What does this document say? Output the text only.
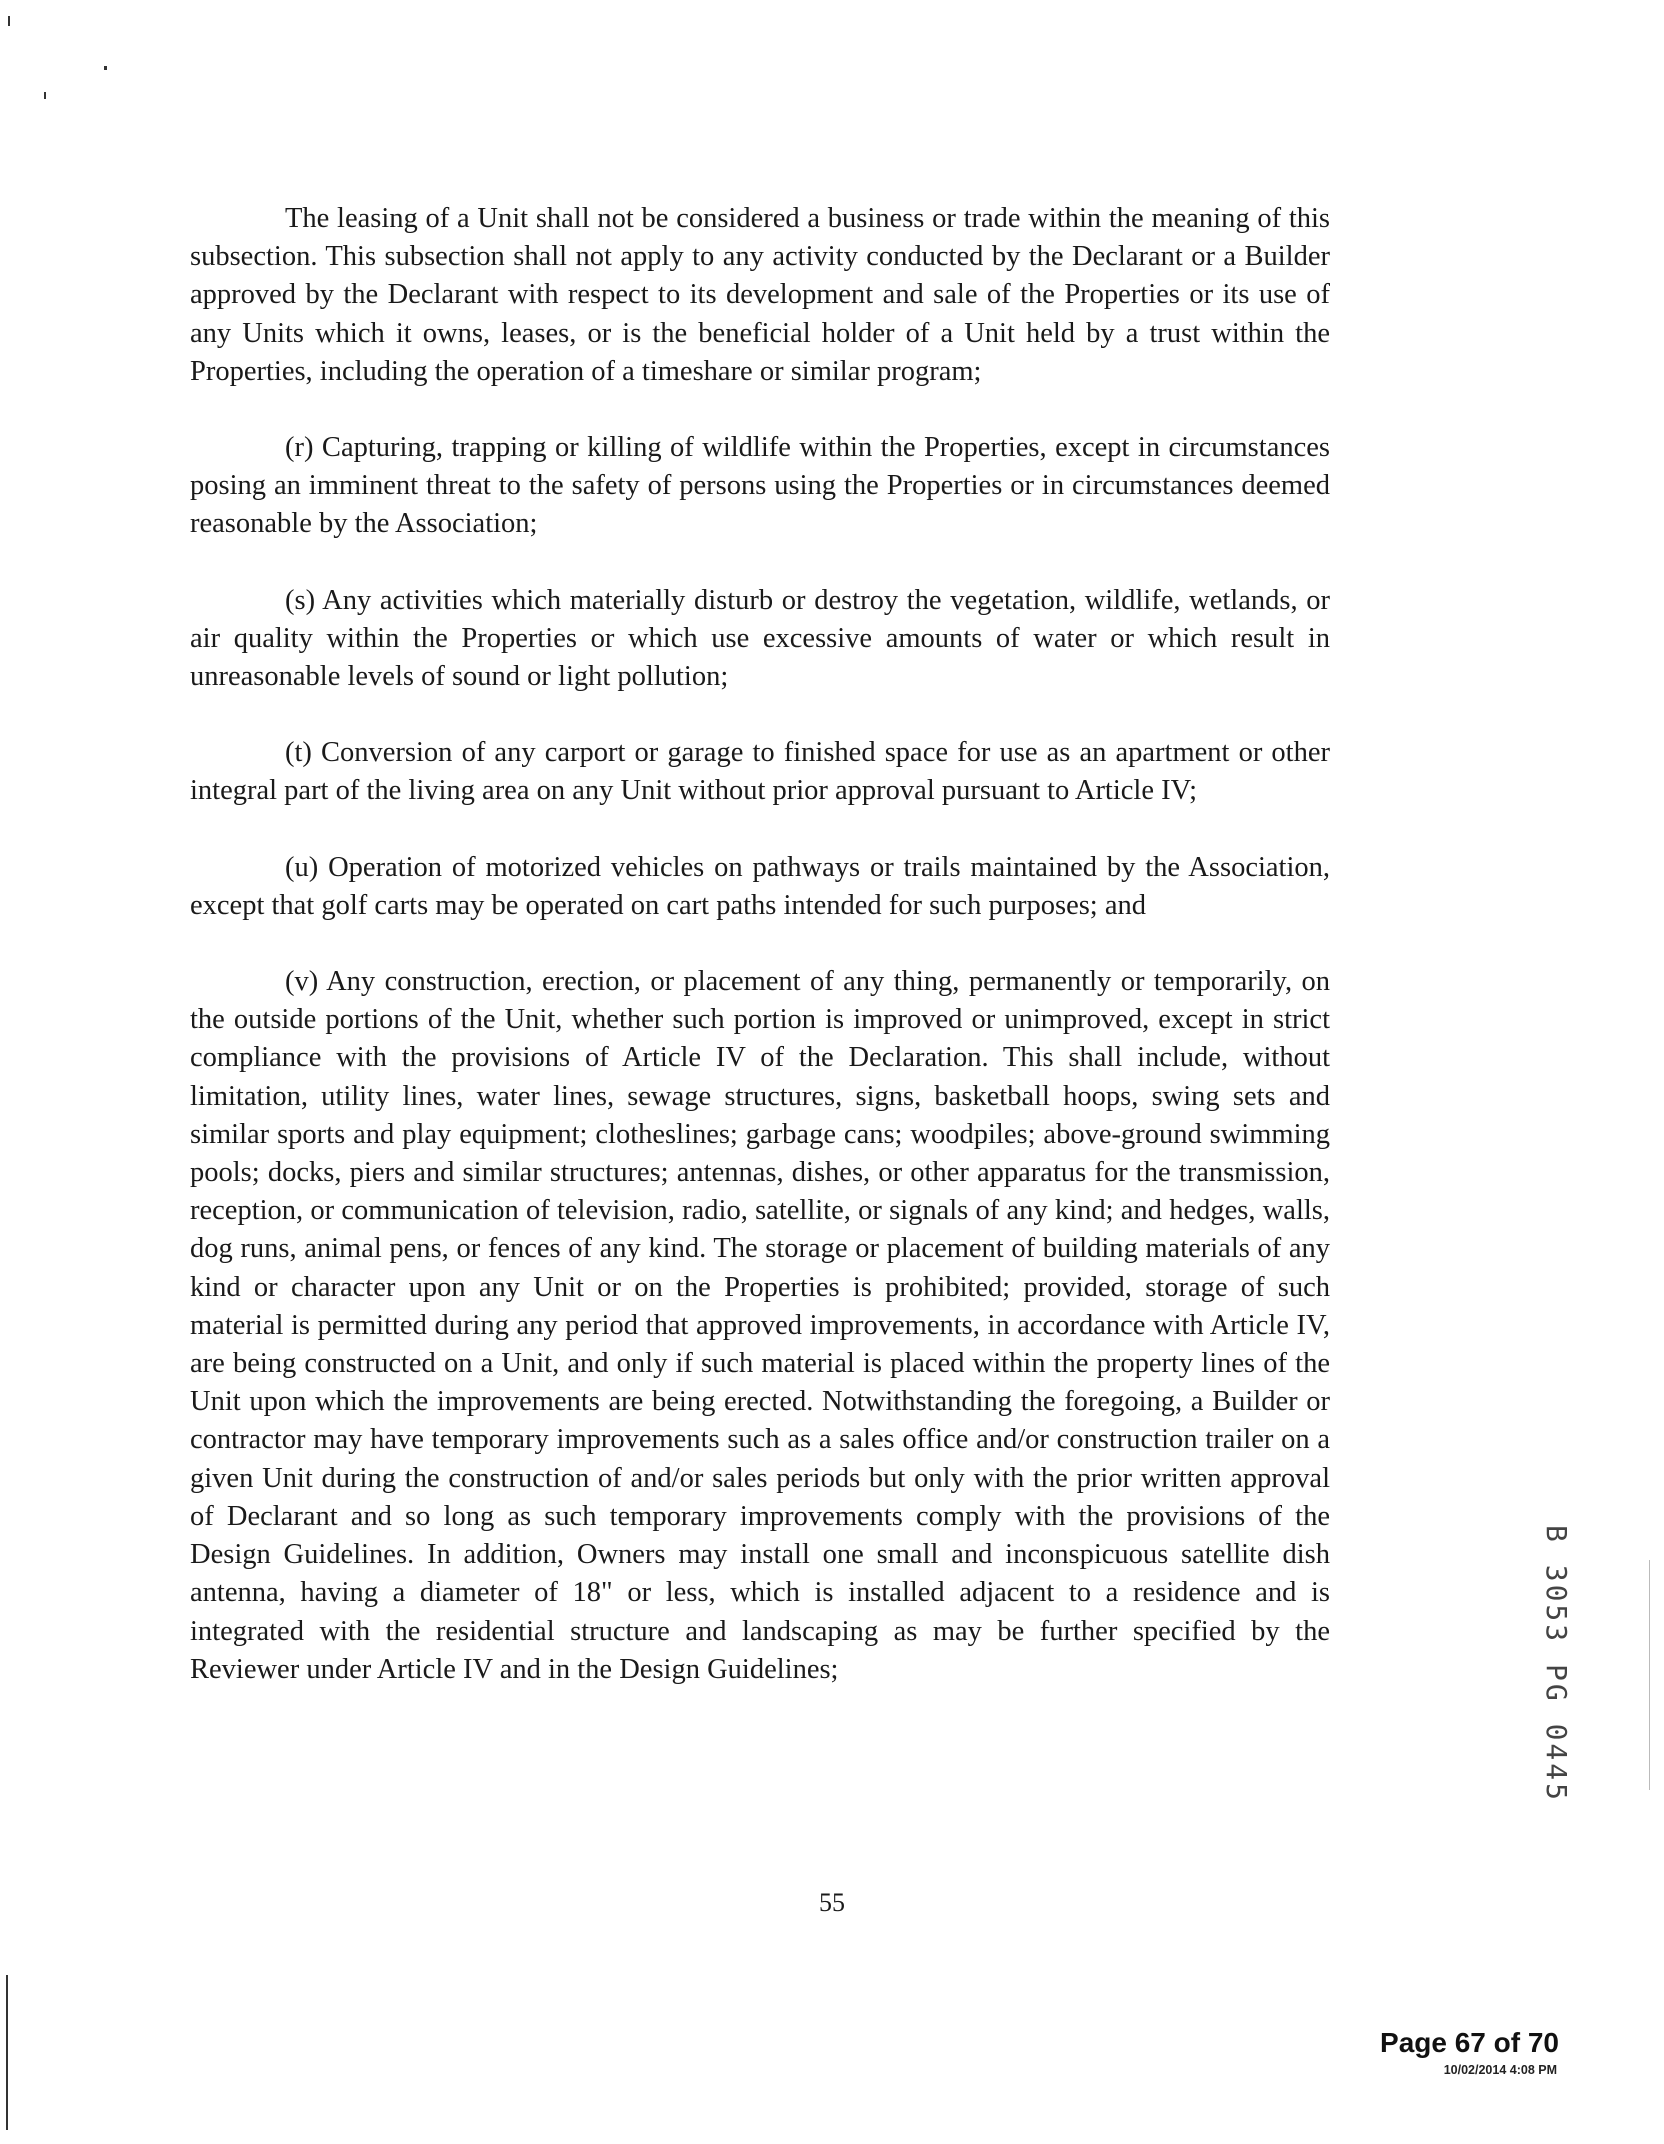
The leasing of a Unit shall not be considered a business or trade within the meaning of this subsection. This subsection shall not apply to any activity conducted by the Declarant or a Builder approved by the Declarant with respect to its development and sale of the Properties or its use of any Units which it owns, leases, or is the beneficial holder of a Unit held by a trust within the Properties, including the operation of a timeshare or similar program;

(r) Capturing, trapping or killing of wildlife within the Properties, except in circumstances posing an imminent threat to the safety of persons using the Properties or in circumstances deemed reasonable by the Association;

(s) Any activities which materially disturb or destroy the vegetation, wildlife, wetlands, or air quality within the Properties or which use excessive amounts of water or which result in unreasonable levels of sound or light pollution;

(t) Conversion of any carport or garage to finished space for use as an apartment or other integral part of the living area on any Unit without prior approval pursuant to Article IV;

(u) Operation of motorized vehicles on pathways or trails maintained by the Association, except that golf carts may be operated on cart paths intended for such purposes; and

(v) Any construction, erection, or placement of any thing, permanently or temporarily, on the outside portions of the Unit, whether such portion is improved or unimproved, except in strict compliance with the provisions of Article IV of the Declaration. This shall include, without limitation, utility lines, water lines, sewage structures, signs, basketball hoops, swing sets and similar sports and play equipment; clotheslines; garbage cans; woodpiles; above-ground swimming pools; docks, piers and similar structures; antennas, dishes, or other apparatus for the transmission, reception, or communication of television, radio, satellite, or signals of any kind; and hedges, walls, dog runs, animal pens, or fences of any kind. The storage or placement of building materials of any kind or character upon any Unit or on the Properties is prohibited; provided, storage of such material is permitted during any period that approved improvements, in accordance with Article IV, are being constructed on a Unit, and only if such material is placed within the property lines of the Unit upon which the improvements are being erected. Notwithstanding the foregoing, a Builder or contractor may have temporary improvements such as a sales office and/or construction trailer on a given Unit during the construction of and/or sales periods but only with the prior written approval of Declarant and so long as such temporary improvements comply with the provisions of the Design Guidelines. In addition, Owners may install one small and inconspicuous satellite dish antenna, having a diameter of 18" or less, which is installed adjacent to a residence and is integrated with the residential structure and landscaping as may be further specified by the Reviewer under Article IV and in the Design Guidelines;

55
B 3053 PG 0445
Page 67 of 70
10/02/2014 4:08 PM
